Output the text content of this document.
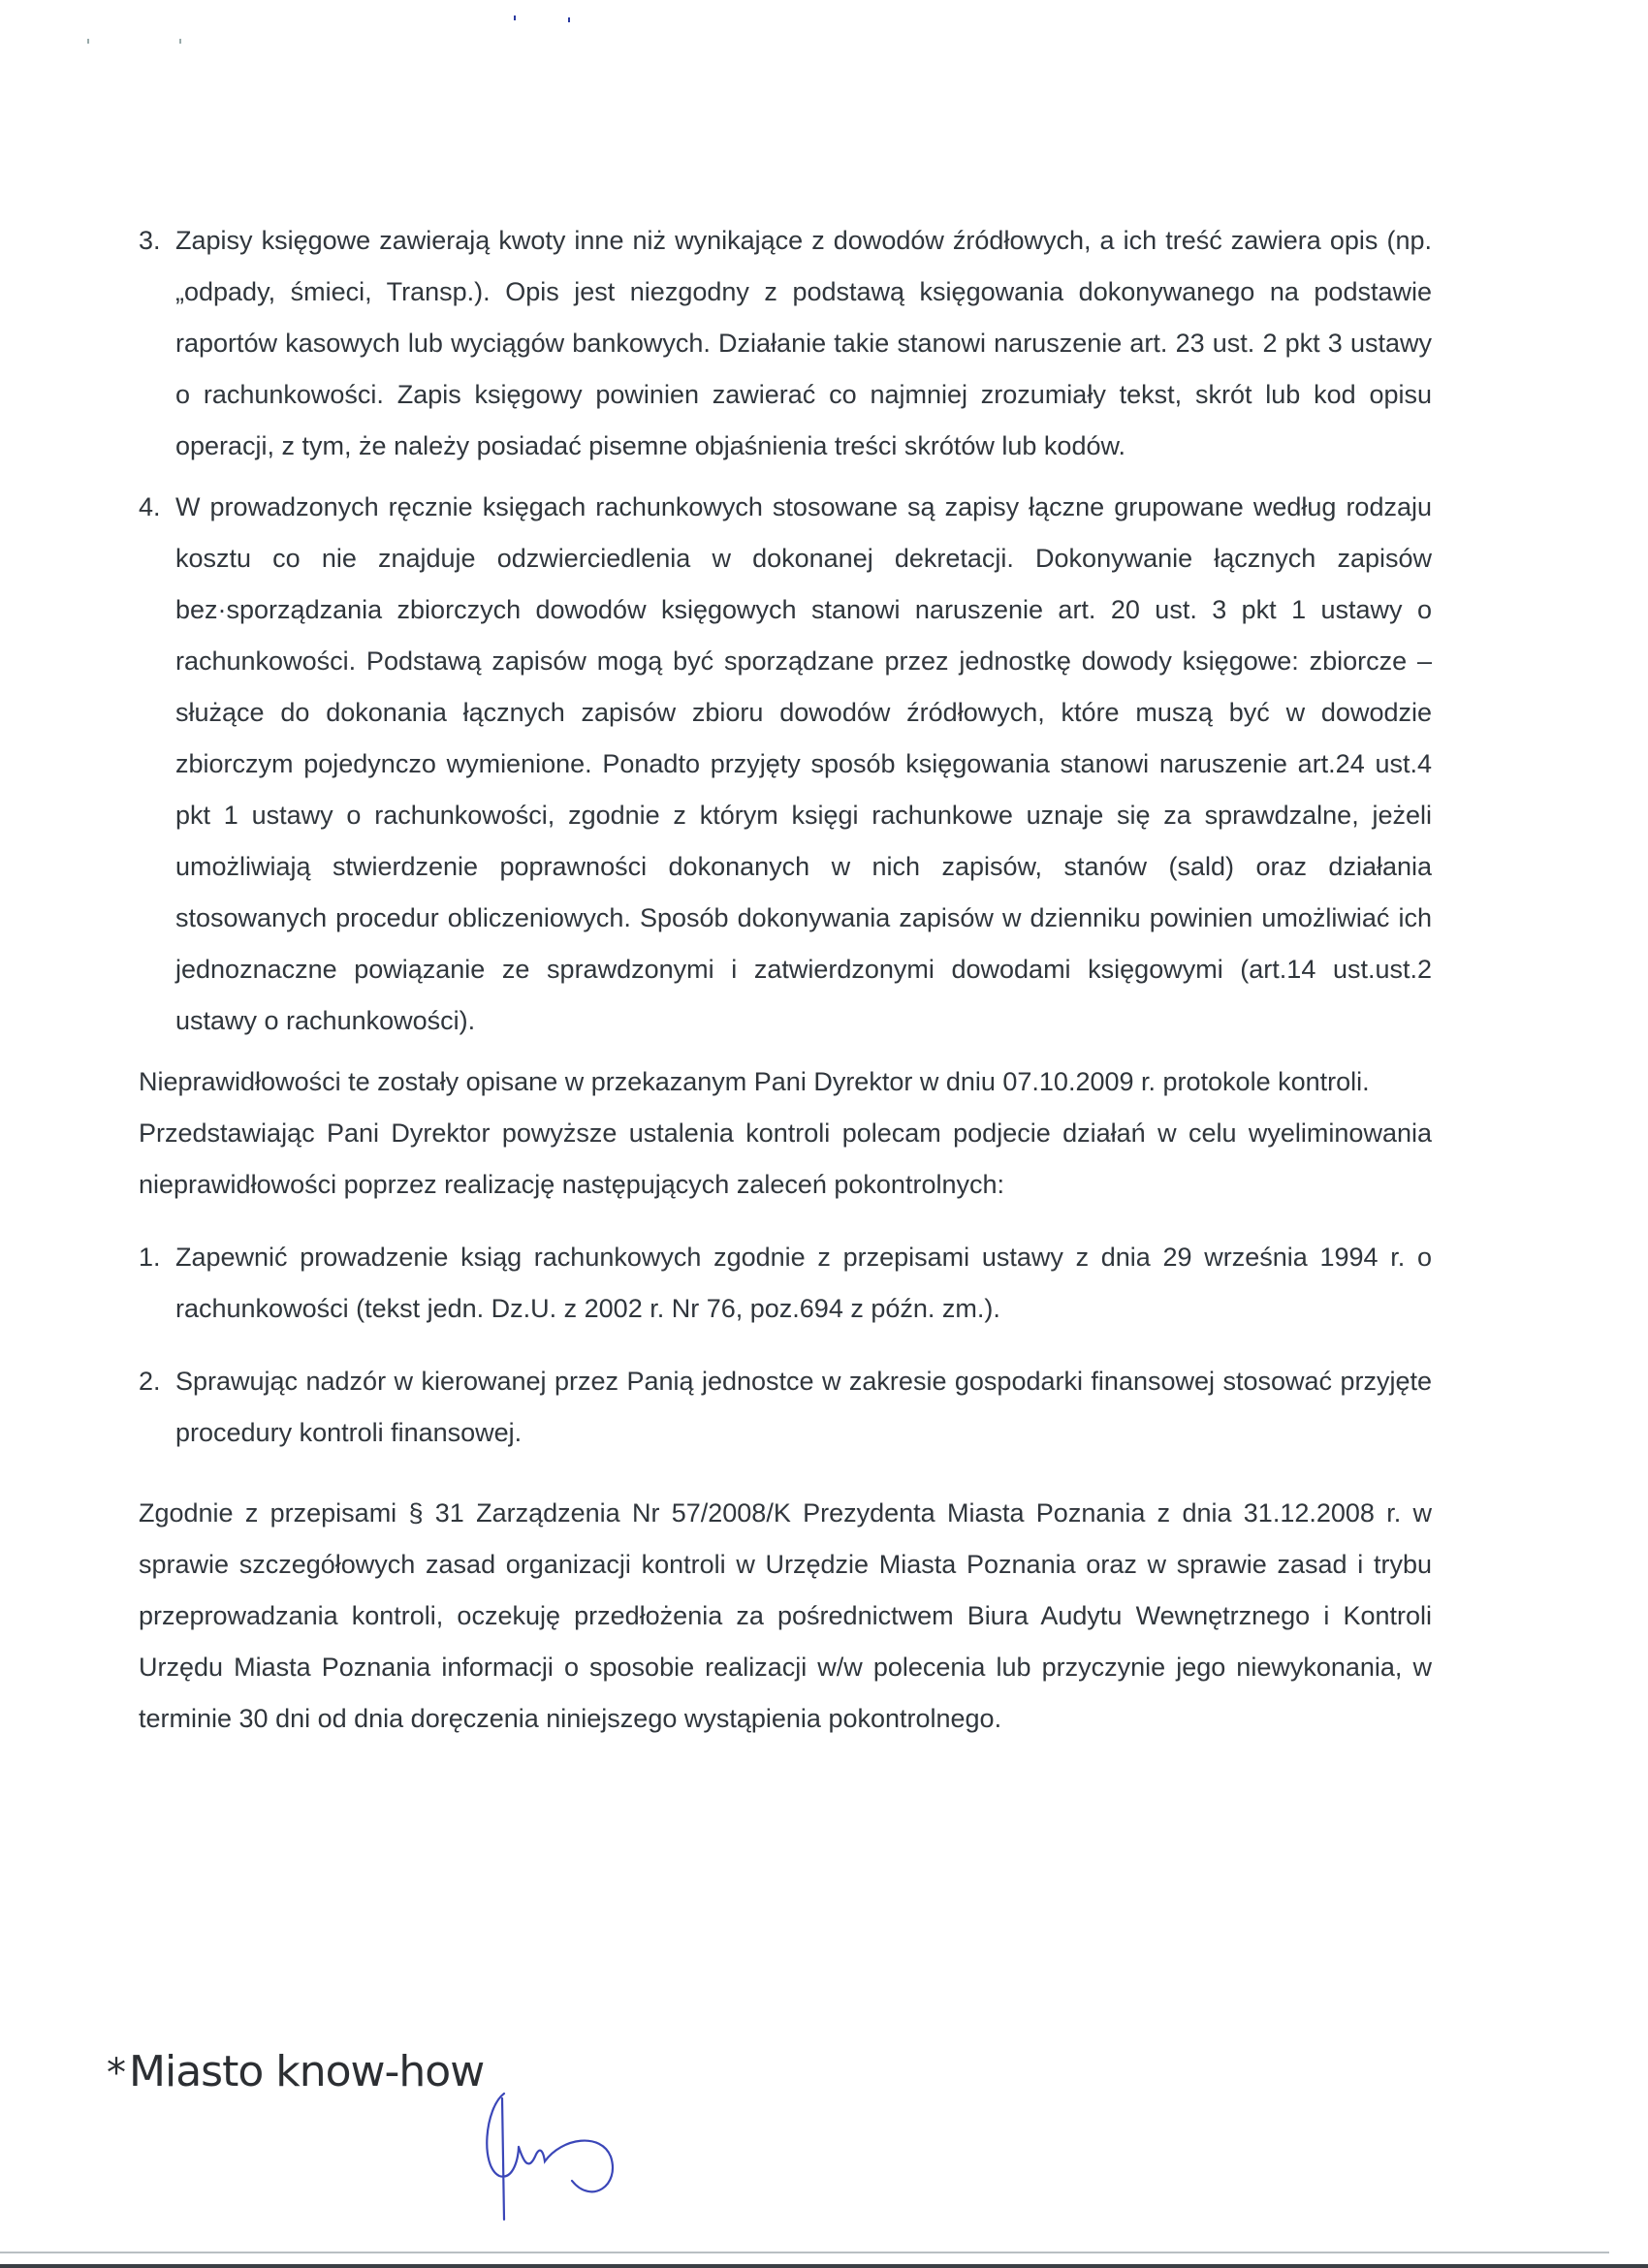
3. Zapisy księgowe zawierają kwoty inne niż wynikające z dowodów źródłowych, a ich treść zawiera opis (np. „odpady, śmieci, Transp.). Opis jest niezgodny z podstawą księgowania dokonywanego na podstawie raportów kasowych lub wyciągów bankowych. Działanie takie stanowi naruszenie art. 23 ust. 2 pkt 3 ustawy o rachunkowości. Zapis księgowy powinien zawierać co najmniej zrozumiały tekst, skrót lub kod opisu operacji, z tym, że należy posiadać pisemne objaśnienia treści skrótów lub kodów.
4. W prowadzonych ręcznie księgach rachunkowych stosowane są zapisy łączne grupowane według rodzaju kosztu co nie znajduje odzwierciedlenia w dokonanej dekretacji. Dokonywanie łącznych zapisów bez·sporządzania zbiorczych dowodów księgowych stanowi naruszenie art. 20 ust. 3 pkt 1 ustawy o rachunkowości. Podstawą zapisów mogą być sporządzane przez jednostkę dowody księgowe: zbiorcze – służące do dokonania łącznych zapisów zbioru dowodów źródłowych, które muszą być w dowodzie zbiorczym pojedynczo wymienione. Ponadto przyjęty sposób księgowania stanowi naruszenie art.24 ust.4 pkt 1 ustawy o rachunkowości, zgodnie z którym księgi rachunkowe uznaje się za sprawdzalne, jeżeli umożliwiają stwierdzenie poprawności dokonanych w nich zapisów, stanów (sald) oraz działania stosowanych procedur obliczeniowych. Sposób dokonywania zapisów w dzienniku powinien umożliwiać ich jednoznaczne powiązanie ze sprawdzonymi i zatwierdzonymi dowodami księgowymi (art.14 ust.ust.2 ustawy o rachunkowości).

Nieprawidłowości te zostały opisane w przekazanym Pani Dyrektor w dniu 07.10.2009 r. protokole kontroli.

Przedstawiając Pani Dyrektor powyższe ustalenia kontroli polecam podjecie działań w celu wyeliminowania nieprawidłowości poprzez realizację następujących zaleceń pokontrolnych:

1. Zapewnić prowadzenie ksiąg rachunkowych zgodnie z przepisami ustawy z dnia 29 września 1994 r. o rachunkowości (tekst jedn. Dz.U. z 2002 r. Nr 76, poz.694 z późn. zm.).
2. Sprawując nadzór w kierowanej przez Panią jednostce w zakresie gospodarki finansowej stosować przyjęte procedury kontroli finansowej.

Zgodnie z przepisami § 31 Zarządzenia Nr 57/2008/K Prezydenta Miasta Poznania z dnia 31.12.2008 r. w sprawie szczegółowych zasad organizacji kontroli w Urzędzie Miasta Poznania oraz w sprawie zasad i trybu przeprowadzania kontroli, oczekuję przedłożenia za pośrednictwem Biura Audytu Wewnętrznego i Kontroli Urzędu Miasta Poznania informacji o sposobie realizacji w/w polecenia lub przyczynie jego niewykonania, w terminie 30 dni od dnia doręczenia niniejszego wystąpienia pokontrolnego.

*Miasto know-how
